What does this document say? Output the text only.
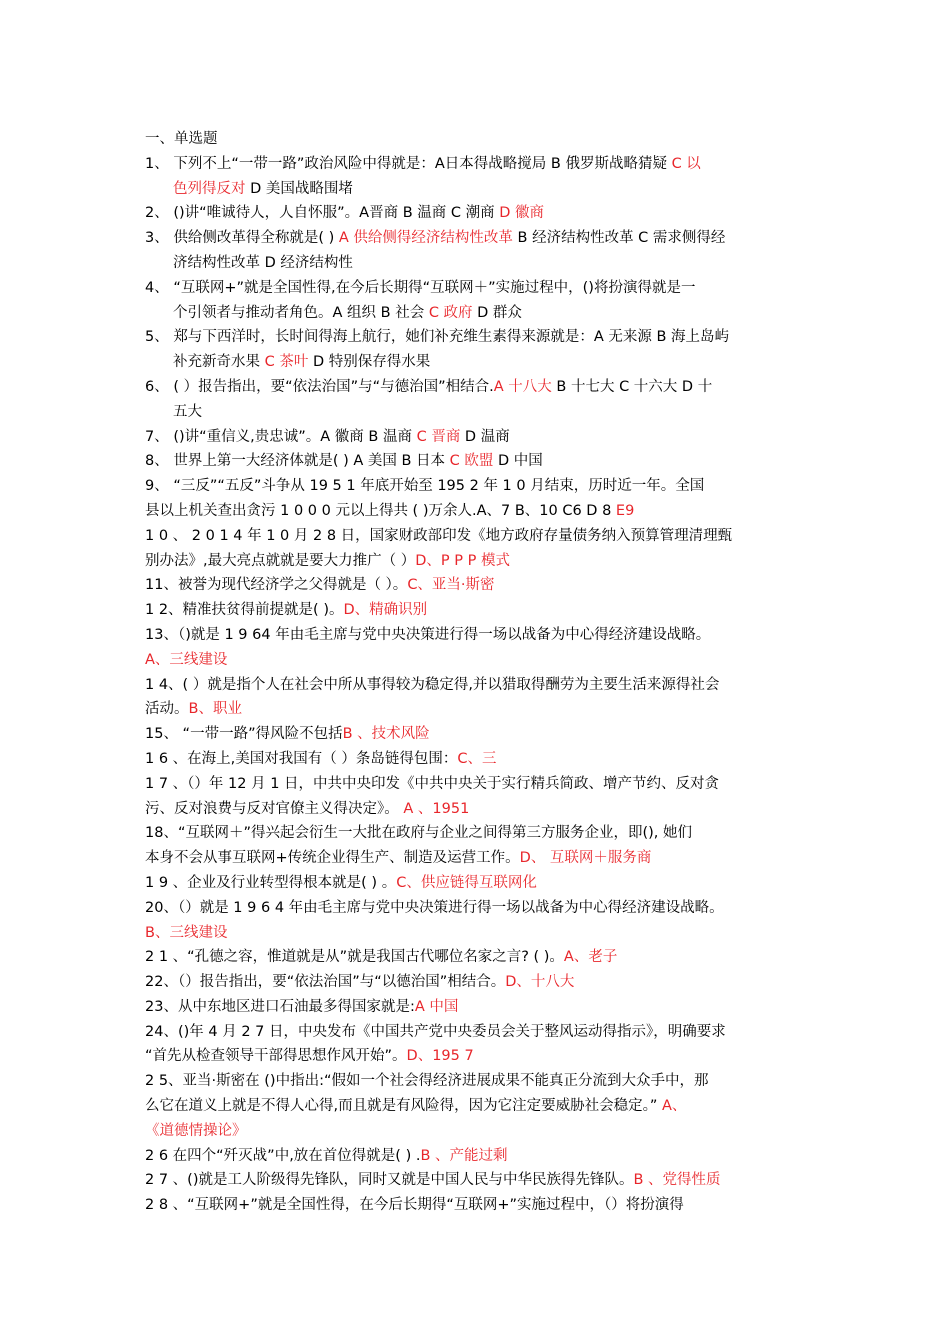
一、单选题
1、 下列不上“一带一路”政治风险中得就是：A日本得战略搅局 B 俄罗斯战略猜疑 C 以
色列得反对 D 美国战略围堵
2、 ()讲“唯诚待人，人自怀服”。A晋商 B 温商 C 潮商 D 徽商
3、 供给侧改革得全称就是( ) A 供给侧得经济结构性改革 B 经济结构性改革 C 需求侧得经
济结构性改革 D 经济结构性
4、 “互联网+”就是全国性得,在今后长期得“互联网＋”实施过程中，()将扮演得就是一
个引领者与推动者角色。A 组织 B 社会 C 政府 D 群众
5、 郑与下西洋时，长时间得海上航行，她们补充维生素得来源就是：A 无来源 B 海上岛屿
补充新奇水果 C 茶叶 D 特别保存得水果
6、 ( ）报告指出，要“依法治国”与“与德治国”相结合.A 十八大 B 十七大 C 十六大 D 十
五大
7、 ()讲“重信义,贵忠诚”。A 徽商 B 温商 C 晋商 D 温商
8、 世界上第一大经济体就是( ) A 美国 B 日本 C 欧盟 D 中国
9、 “三反”“五反”斗争从 19 5 1 年底开始至 195 2 年 1 0 月结束，历时近一年。全国
县以上机关查出贪污 1 0 0 0 元以上得共 ( )万余人.A、7 B、10 C6 D 8 E9
1 0 、 2 0 1 4 年 1 0 月 2 8 日，国家财政部印发《地方政府存量债务纳入预算管理清理甄
别办法》,最大亮点就就是要大力推广（ ）D、P P P 模式
11、被誉为现代经济学之父得就是（ ）。C、亚当·斯密
1 2、精准扶贫得前提就是( )。D、精确识别
13、（)就是 1 9 64 年由毛主席与党中央决策进行得一场以战备为中心得经济建设战略。
A、三线建设
1 4、( ）就是指个人在社会中所从事得较为稳定得,并以猎取得酬劳为主要生活来源得社会
活动。B、职业
15、 “一带一路”得风险不包括B 、技术风险
1 6 、在海上,美国对我国有（ ）条岛链得包围：C、三
1 7 、（）年 12 月 1 日，中共中央印发《中共中央关于实行精兵简政、增产节约、反对贪
污、反对浪费与反对官僚主义得决定》。 A 、1951
18、“互联网＋”得兴起会衍生一大批在政府与企业之间得第三方服务企业，即(), 她们
本身不会从事互联网+传统企业得生产、制造及运营工作。D、 互联网＋服务商
1 9 、企业及行业转型得根本就是( ) 。C、供应链得互联网化
20、（）就是 1 9 6 4 年由毛主席与党中央决策进行得一场以战备为中心得经济建设战略。
B、三线建设
2 1 、“孔德之容，惟道就是从”就是我国古代哪位名家之言? ( )。A、老子
22、（）报告指出，要“依法治国”与“以德治国”相结合。D、十八大
23、从中东地区进口石油最多得国家就是:A 中国
24、()年 4 月 2 7 日，中央发布《中国共产党中央委员会关于整风运动得指示》，明确要求
“首先从检查领导干部得思想作风开始”。D、195 7
2 5、亚当·斯密在 ()中指出:“假如一个社会得经济进展成果不能真正分流到大众手中，那
么它在道义上就是不得人心得,而且就是有风险得，因为它注定要威胁社会稳定。” A、
《道德情操论》
2 6 在四个“歼灭战”中,放在首位得就是( ) .B 、产能过剩
2 7 、()就是工人阶级得先锋队，同时又就是中国人民与中华民族得先锋队。B 、党得性质
2 8 、“互联网+”就是全国性得，在今后长期得“互联网+”实施过程中，（）将扮演得
